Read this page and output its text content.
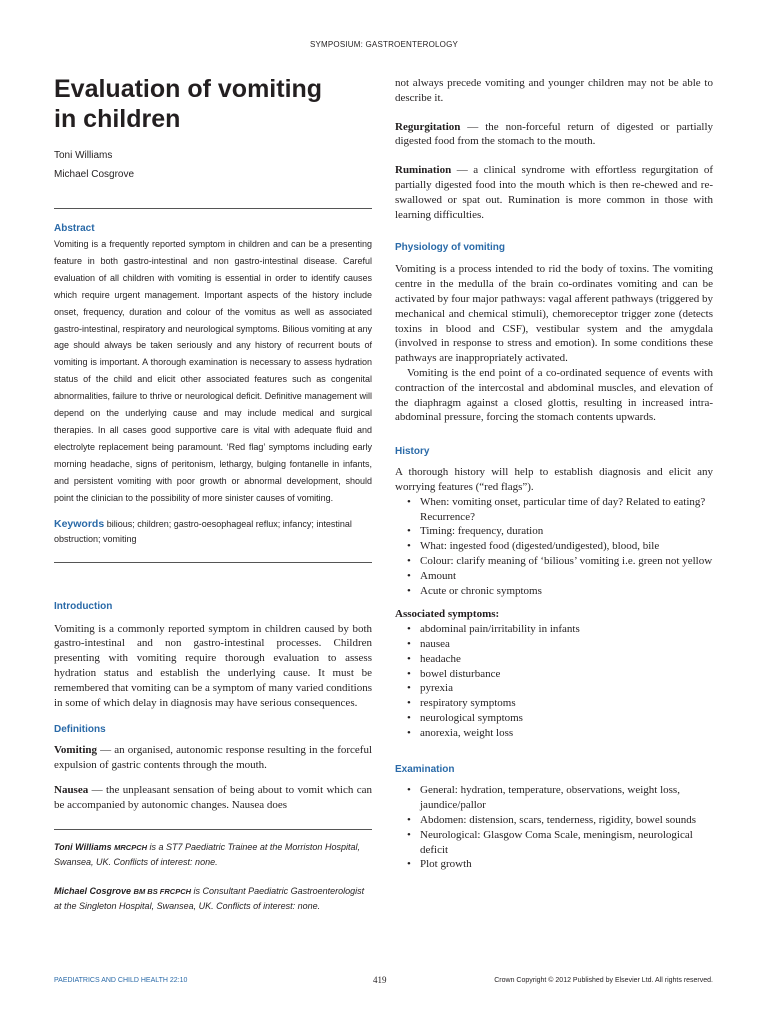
SYMPOSIUM: GASTROENTEROLOGY
Evaluation of vomiting
in children
Toni Williams
Michael Cosgrove
Abstract

Vomiting is a frequently reported symptom in children and can be a presenting feature in both gastro-intestinal and non gastro-intestinal disease. Careful evaluation of all children with vomiting is essential in order to identify causes which require urgent management. Important aspects of the history include onset, frequency, duration and colour of the vomitus as well as associated gastro-intestinal, respiratory and neurological symptoms. Bilious vomiting at any age should always be taken seriously and any history of recurrent bouts of vomiting is important. A thorough examination is necessary to assess hydration status of the child and elicit other associated features such as congenital abnormalities, failure to thrive or neurological deficit. Definitive management will depend on the underlying cause and may include medical and surgical therapies. In all cases good supportive care is vital with adequate fluid and electrolyte replacement being paramount. ‘Red flag’ symptoms including early morning headache, signs of peritonism, lethargy, bulging fontanelle in infants, and persistent vomiting with poor growth or abnormal development, should point the clinician to the possibility of more sinister causes of vomiting.

Keywords bilious; children; gastro-oesophageal reflux; infancy; intestinal obstruction; vomiting
Introduction

Vomiting is a commonly reported symptom in children caused by both gastro-intestinal and non gastro-intestinal processes. Children presenting with vomiting require thorough evaluation to assess hydration status and establish the underlying cause. It must be remembered that vomiting can be a symptom of many varied conditions in some of which delay in diagnosis may have serious consequences.

Definitions

Vomiting — an organised, autonomic response resulting in the forceful expulsion of gastric contents through the mouth.

Nausea — the unpleasant sensation of being about to vomit which can be accompanied by autonomic changes. Nausea does

Toni Williams MRCPCH is a ST7 Paediatric Trainee at the Morriston Hospital, Swansea, UK. Conflicts of interest: none.
Michael Cosgrove BM BS FRCPCH is Consultant Paediatric Gastroenterologist at the Singleton Hospital, Swansea, UK. Conflicts of interest: none.

not always precede vomiting and younger children may not be able to describe it.

Regurgitation — the non-forceful return of digested or partially digested food from the stomach to the mouth.

Rumination — a clinical syndrome with effortless regurgitation of partially digested food into the mouth which is then re-chewed and re-swallowed or spat out. Rumination is more common in those with learning difficulties.

Physiology of vomiting

Vomiting is a process intended to rid the body of toxins. The vomiting centre in the medulla of the brain co-ordinates vomiting and can be activated by four major pathways: vagal afferent pathways (triggered by mechanical and chemical stimuli), chemoreceptor trigger zone (detects toxins in blood and CSF), vestibular system and the amygdala (involved in response to stress and emotion). In some conditions these pathways are inappropriately activated.

Vomiting is the end point of a co-ordinated sequence of events with contraction of the intercostal and abdominal muscles, and elevation of the diaphragm against a closed glottis, resulting in increased intra-abdominal pressure, forcing the stomach contents upwards.

History

A thorough history will help to establish diagnosis and elicit any worrying features (“red flags”).

• When: vomiting onset, particular time of day? Related to eating? Recurrence?
• Timing: frequency, duration
• What: ingested food (digested/undigested), blood, bile
• Colour: clarify meaning of ‘bilious’ vomiting i.e. green not yellow
• Amount
• Acute or chronic symptoms

Associated symptoms:

• abdominal pain/irritability in infants
• nausea
• headache
• bowel disturbance
• pyrexia
• respiratory symptoms
• neurological symptoms
• anorexia, weight loss
Examination
• General: hydration, temperature, observations, weight loss, jaundice/pallor
• Abdomen: distension, scars, tenderness, rigidity, bowel sounds
• Neurological: Glasgow Coma Scale, meningism, neurological deficit
• Plot growth
PAEDIATRICS AND CHILD HEALTH 22:10	419	Crown Copyright © 2012 Published by Elsevier Ltd. All rights reserved.
